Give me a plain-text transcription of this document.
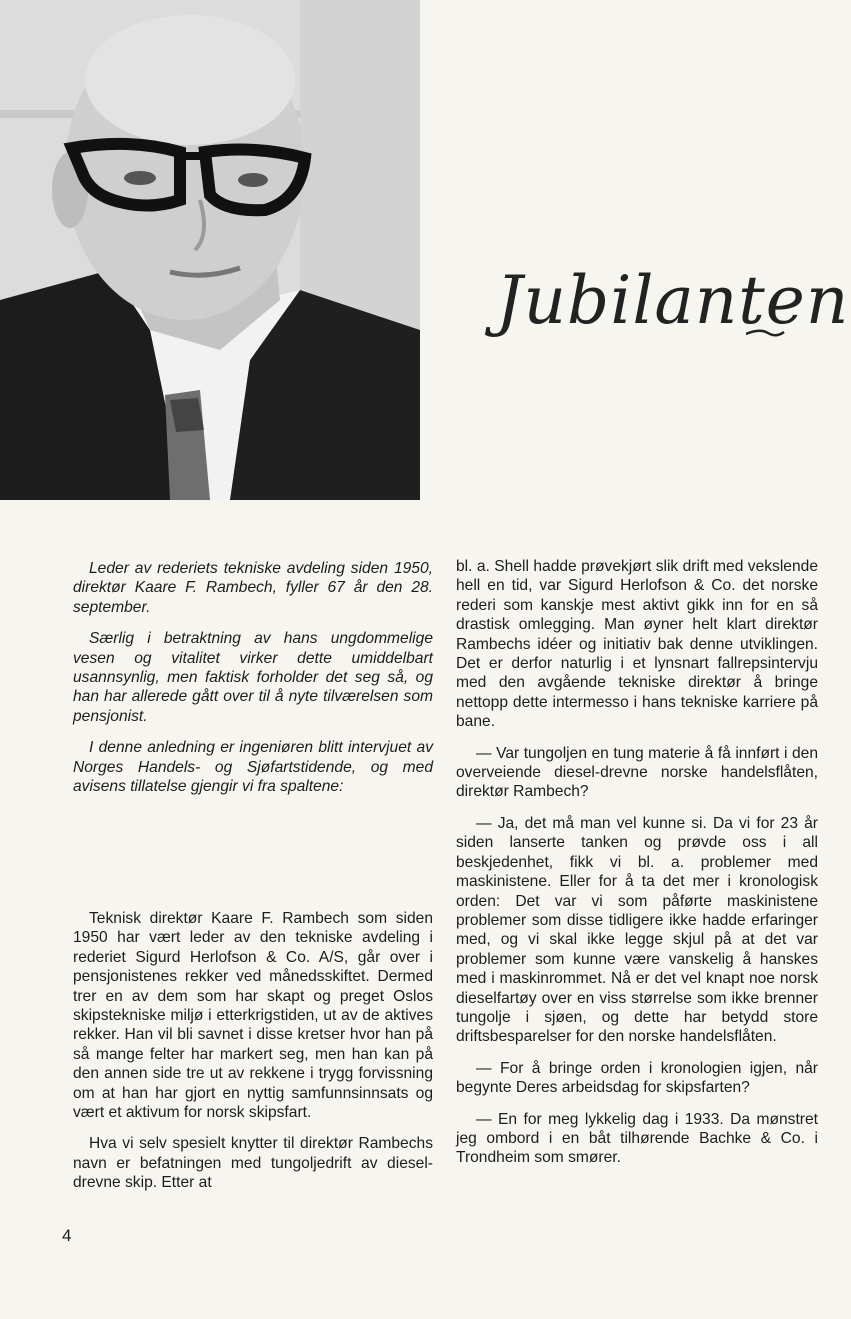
Jubilanten

Leder av rederiets tekniske avdeling siden 1950, direktør Kaare F. Rambech, fyller 67 år den 28. september.

Særlig i betraktning av hans ungdommelige vesen og vitalitet virker dette umiddelbart usannsynlig, men faktisk forholder det seg så, og han har allerede gått over til å nyte tilværelsen som pensjonist.

I denne anledning er ingeniøren blitt intervjuet av Norges Handels- og Sjøfartstidende, og med avisens tillatelse gjengir vi fra spaltene:

Teknisk direktør Kaare F. Rambech som siden 1950 har vært leder av den tekniske avdeling i rederiet Sigurd Herlofson & Co. A/S, går over i pensjonistenes rekker ved månedsskiftet. Dermed trer en av dem som har skapt og preget Oslos skipstekniske miljø i etterkrigstiden, ut av de aktives rekker. Han vil bli savnet i disse kretser hvor han på så mange felter har markert seg, men han kan på den annen side tre ut av rekkene i trygg forvissning om at han har gjort en nyttig samfunnsinnsats og vært et aktivum for norsk skipsfart.

Hva vi selv spesielt knytter til direktør Rambechs navn er befatningen med tungoljedrift av diesel-drevne skip. Etter at

bl. a. Shell hadde prøvekjørt slik drift med vekslende hell en tid, var Sigurd Herlofson & Co. det norske rederi som kanskje mest aktivt gikk inn for en så drastisk omlegging. Man øyner helt klart direktør Rambechs idéer og initiativ bak denne utviklingen. Det er derfor naturlig i et lynsnart fallrepsintervju med den avgående tekniske direktør å bringe nettopp dette intermesso i hans tekniske karriere på bane.

— Var tungoljen en tung materie å få innført i den overveiende diesel-drevne norske handelsflåten, direktør Rambech?

— Ja, det må man vel kunne si. Da vi for 23 år siden lanserte tanken og prøvde oss i all beskjedenhet, fikk vi bl. a. problemer med maskinistene. Eller for å ta det mer i kronologisk orden: Det var vi som påførte maskinistene problemer som disse tidligere ikke hadde erfaringer med, og vi skal ikke legge skjul på at det var problemer som kunne være vanskelig å hanskes med i maskinrommet. Nå er det vel knapt noe norsk dieselfartøy over en viss størrelse som ikke brenner tungolje i sjøen, og dette har betydd store driftsbesparelser for den norske handelsflåten.

— For å bringe orden i kronologien igjen, når begynte Deres arbeidsdag for skipsfarten?

— En for meg lykkelig dag i 1933. Da mønstret jeg ombord i en båt tilhørende Bachke & Co. i Trondheim som smører.

4
